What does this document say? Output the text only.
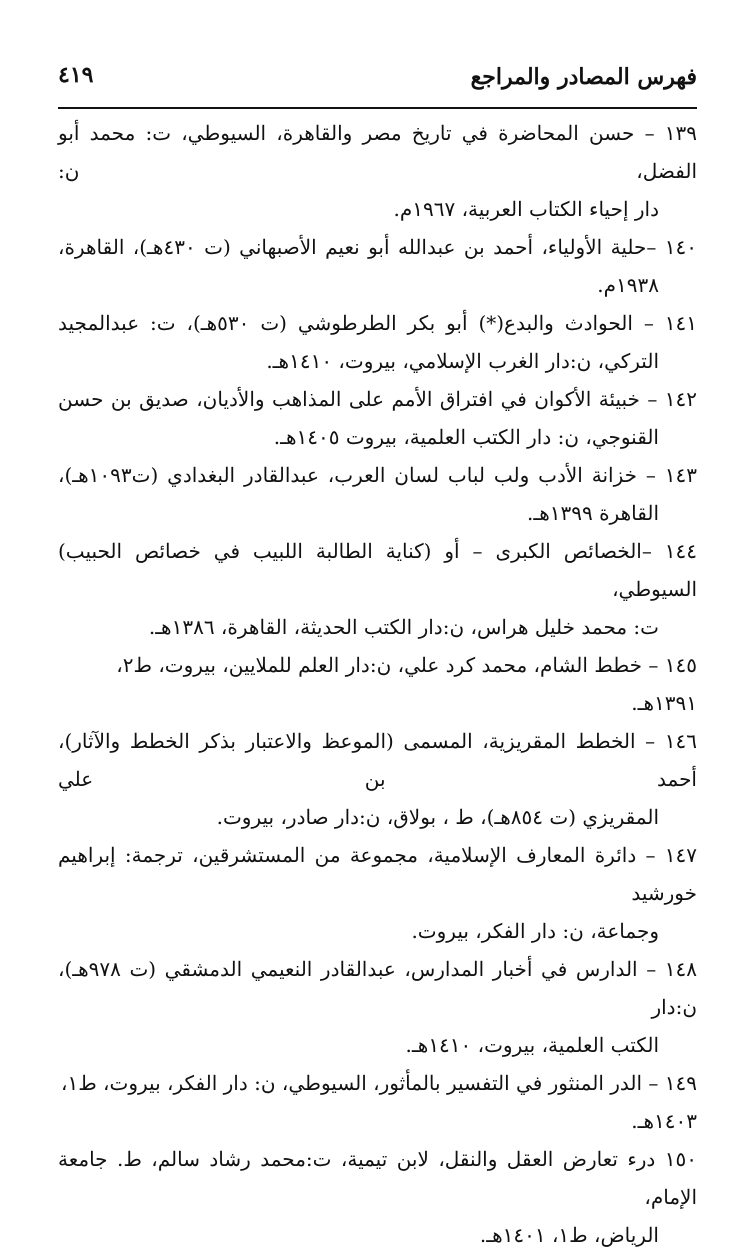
فهرس المصادر والمراجع
٤١٩
١٣٩ – حسن المحاضرة في تاريخ مصر والقاهرة، السيوطي، ت: محمد أبو الفضل، ن:
دار إحياء الكتاب العربية، ١٩٦٧م.
١٤٠ –حلية الأولياء، أحمد بن عبدالله أبو نعيم الأصبهاني (ت ٤٣٠هـ)، القاهرة،
١٩٣٨م.
١٤١ – الحوادث والبدع(*) أبو بكر الطرطوشي (ت ٥٣٠هـ)، ت: عبدالمجيد
التركي، ن:دار الغرب الإسلامي، بيروت، ١٤١٠هـ.
١٤٢ – خبيئة الأكوان في افتراق الأمم على المذاهب والأديان، صديق بن حسن
القنوجي، ن: دار الكتب العلمية، بيروت ١٤٠٥هـ.
١٤٣ – خزانة الأدب ولب لباب لسان العرب، عبدالقادر البغدادي (ت١٠٩٣هـ)،
القاهرة ١٣٩٩هـ.
١٤٤ –الخصائص الكبرى – أو (كناية الطالبة اللبيب في خصائص الحبيب) السيوطي،
ت: محمد خليل هراس، ن:دار الكتب الحديثة، القاهرة، ١٣٨٦هـ.
١٤٥ – خطط الشام، محمد كرد علي، ن:دار العلم للملايين، بيروت، ط٢، ١٣٩١هـ.
١٤٦ – الخطط المقريزية، المسمى (الموعظ والاعتبار بذكر الخطط والآثار)، أحمد بن علي
المقريزي (ت ٨٥٤هـ)، ط ، بولاق، ن:دار صادر، بيروت.
١٤٧ – دائرة المعارف الإسلامية، مجموعة من المستشرقين، ترجمة: إبراهيم خورشيد
وجماعة، ن: دار الفكر، بيروت.
١٤٨ – الدارس في أخبار المدارس، عبدالقادر النعيمي الدمشقي (ت ٩٧٨هـ)، ن:دار
الكتب العلمية، بيروت، ١٤١٠هـ.
١٤٩ – الدر المنثور في التفسير بالمأثور، السيوطي، ن: دار الفكر، بيروت، ط١، ١٤٠٣هـ.
١٥٠ درء تعارض العقل والنقل، لابن تيمية، ت:محمد رشاد سالم، ط. جامعة الإمام،
الرياض، ط١، ١٤٠١هـ.
